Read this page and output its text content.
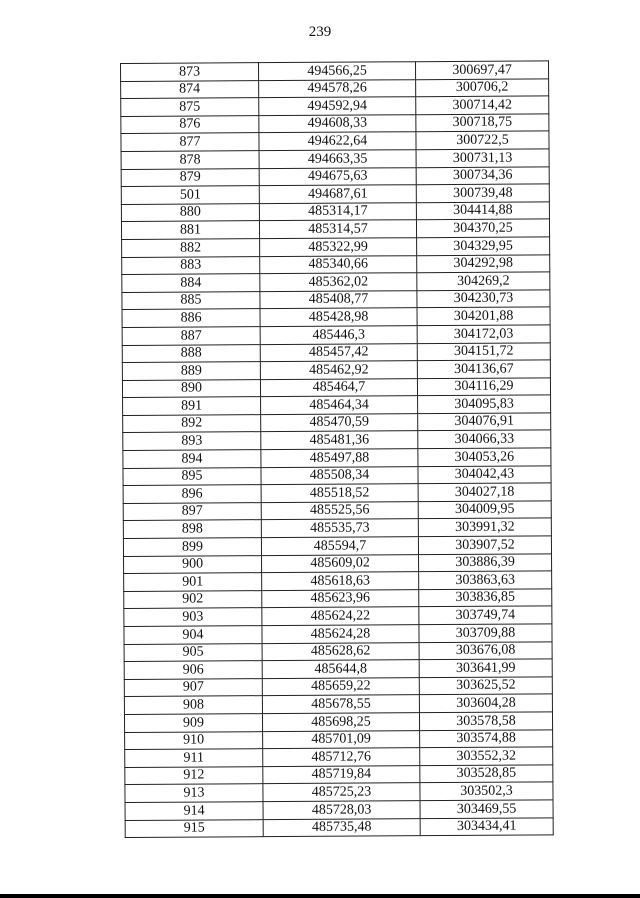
239
873	494566,25	300697,47
874	494578,26	300706,2
875	494592,94	300714,42
876	494608,33	300718,75
877	494622,64	300722,5
878	494663,35	300731,13
879	494675,63	300734,36
501	494687,61	300739,48
880	485314,17	304414,88
881	485314,57	304370,25
882	485322,99	304329,95
883	485340,66	304292,98
884	485362,02	304269,2
885	485408,77	304230,73
886	485428,98	304201,88
887	485446,3	304172,03
888	485457,42	304151,72
889	485462,92	304136,67
890	485464,7	304116,29
891	485464,34	304095,83
892	485470,59	304076,91
893	485481,36	304066,33
894	485497,88	304053,26
895	485508,34	304042,43
896	485518,52	304027,18
897	485525,56	304009,95
898	485535,73	303991,32
899	485594,7	303907,52
900	485609,02	303886,39
901	485618,63	303863,63
902	485623,96	303836,85
903	485624,22	303749,74
904	485624,28	303709,88
905	485628,62	303676,08
906	485644,8	303641,99
907	485659,22	303625,52
908	485678,55	303604,28
909	485698,25	303578,58
910	485701,09	303574,88
911	485712,76	303552,32
912	485719,84	303528,85
913	485725,23	303502,3
914	485728,03	303469,55
915	485735,48	303434,41
